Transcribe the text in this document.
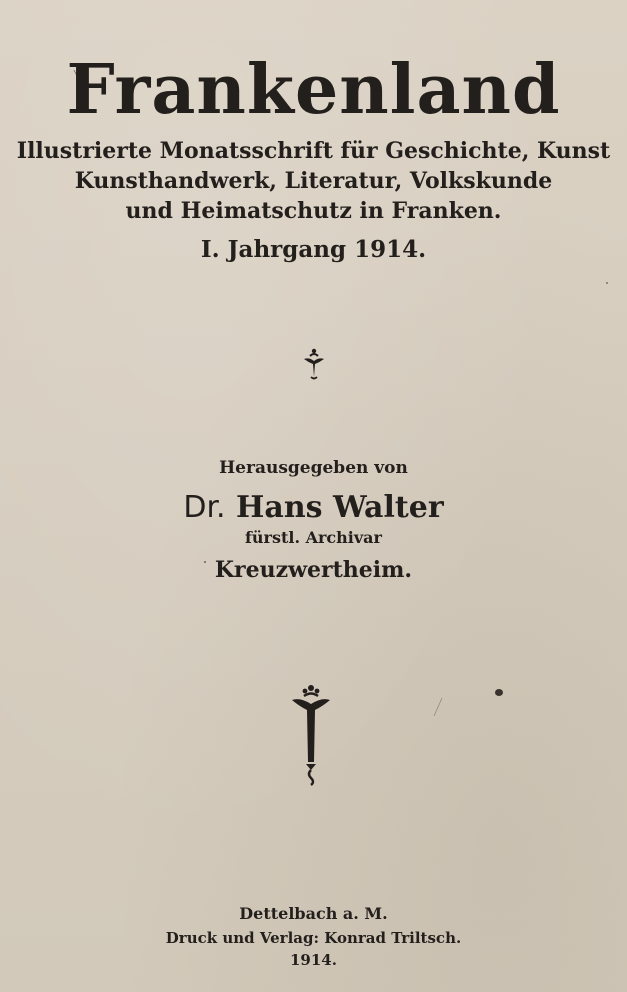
Frankenland
Illustrierte Monatsschrift für Geschichte, Kunst
Kunsthandwerk, Literatur, Volkskunde
und Heimatschutz in Franken.
I. Jahrgang 1914.
Herausgegeben von
Dr. Hans Walter
fürstl. Archivar
Kreuzwertheim.
Dettelbach a. M.
Druck und Verlag: Konrad Triltsch.
1914.
